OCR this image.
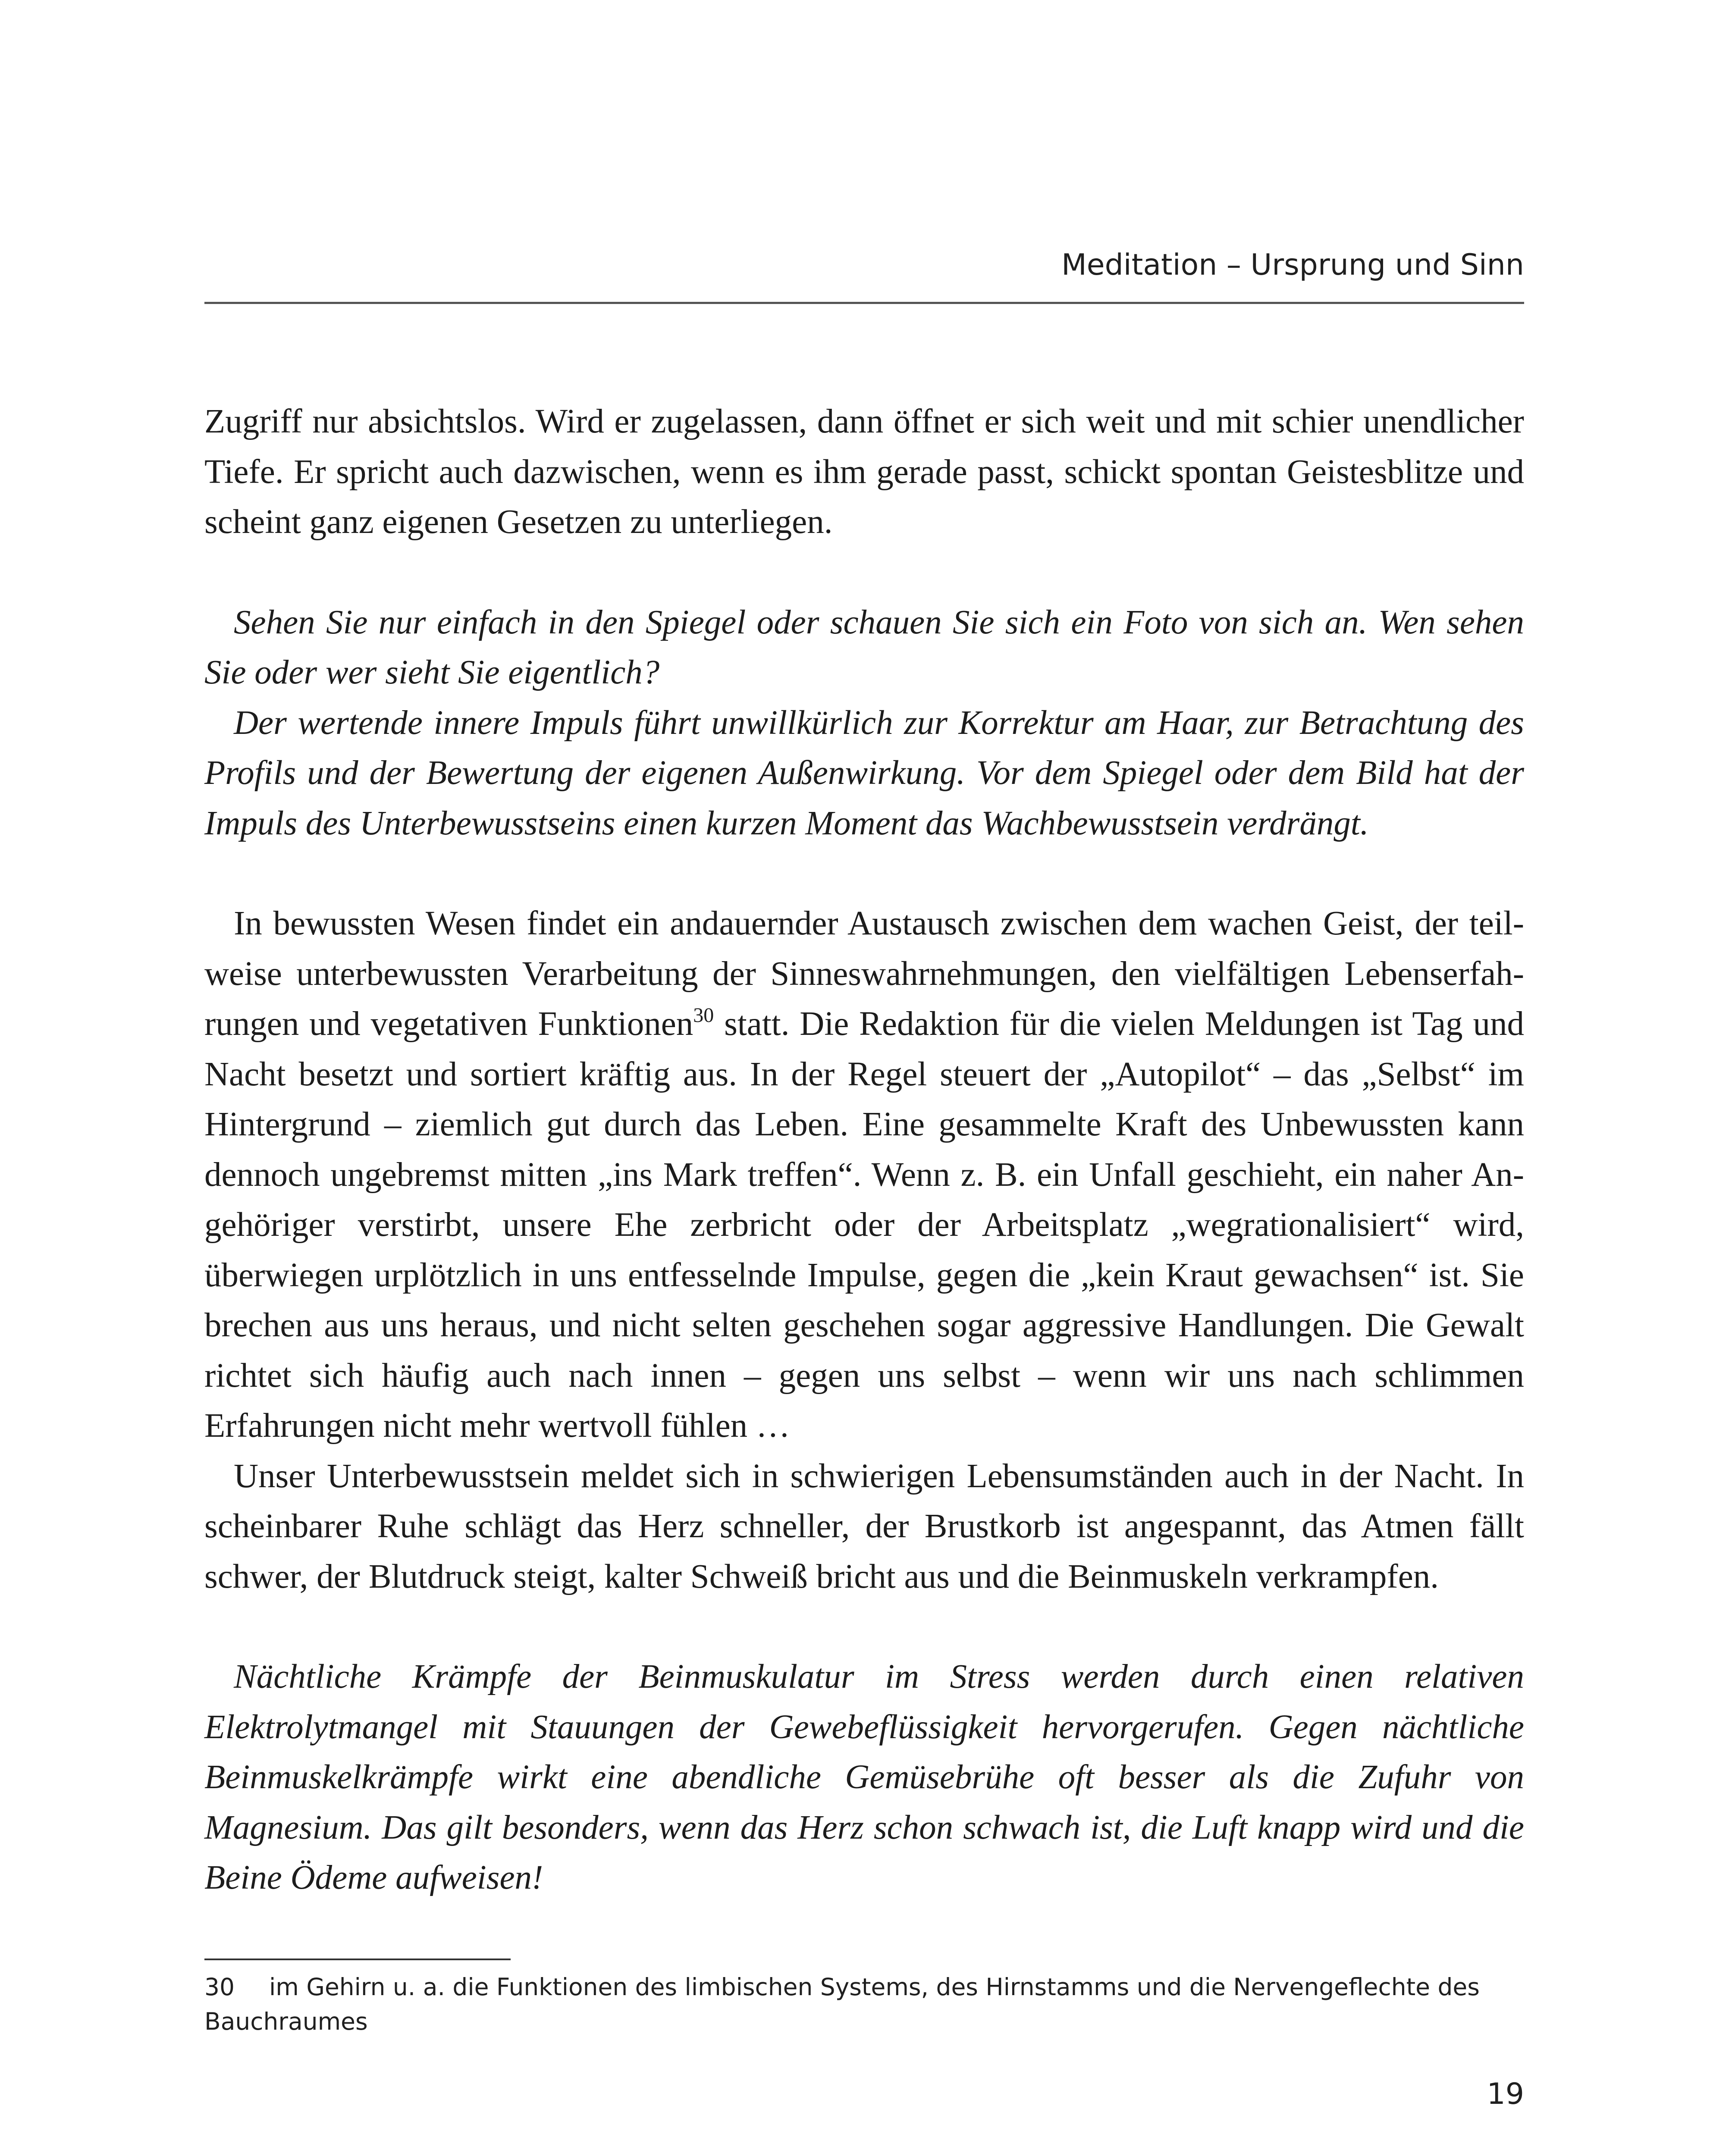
Meditation – Ursprung und Sinn

Zugriff nur absichtslos. Wird er zugelassen, dann öffnet er sich weit und mit schier unendlicher Tiefe. Er spricht auch dazwischen, wenn es ihm gerade passt, schickt spontan Geistesblitze und scheint ganz eigenen Gesetzen zu unterliegen.

Sehen Sie nur einfach in den Spiegel oder schauen Sie sich ein Foto von sich an. Wen sehen Sie oder wer sieht Sie eigentlich?

Der wertende innere Impuls führt unwillkürlich zur Korrektur am Haar, zur Betrachtung des Profils und der Bewertung der eigenen Außenwirkung. Vor dem Spiegel oder dem Bild hat der Impuls des Unterbewusstseins einen kurzen Moment das Wachbewusstsein verdrängt.

In bewussten Wesen findet ein andauernder Austausch zwischen dem wachen Geist, der teilweise unterbewussten Verarbeitung der Sinneswahrnehmungen, den vielfältigen Lebenserfahrungen und vegetativen Funktionen$^{30}$ statt. Die Redaktion für die vielen Meldungen ist Tag und Nacht besetzt und sortiert kräftig aus. In der Regel steuert der „Autopilot“ – das „Selbst“ im Hintergrund – ziemlich gut durch das Leben. Eine gesammelte Kraft des Unbewussten kann dennoch ungebremst mitten „ins Mark treffen“. Wenn z. B. ein Unfall geschieht, ein naher Angehöriger verstirbt, unsere Ehe zerbricht oder der Arbeitsplatz „wegrationalisiert“ wird, überwiegen urplötzlich in uns entfesselnde Impulse, gegen die „kein Kraut gewachsen“ ist. Sie brechen aus uns heraus, und nicht selten geschehen sogar aggressive Handlungen. Die Gewalt richtet sich häufig auch nach innen – gegen uns selbst – wenn wir uns nach schlimmen Erfahrungen nicht mehr wertvoll fühlen …

Unser Unterbewusstsein meldet sich in schwierigen Lebensumständen auch in der Nacht. In scheinbarer Ruhe schlägt das Herz schneller, der Brustkorb ist angespannt, das Atmen fällt schwer, der Blutdruck steigt, kalter Schweiß bricht aus und die Beinmuskeln verkrampfen.

Nächtliche Krämpfe der Beinmuskulatur im Stress werden durch einen relativen Elektrolytmangel mit Stauungen der Gewebeflüssigkeit hervorgerufen. Gegen nächtliche Beinmuskelkrämpfe wirkt eine abendliche Gemüsebrühe oft besser als die Zufuhr von Magnesium. Das gilt besonders, wenn das Herz schon schwach ist, die Luft knapp wird und die Beine Ödeme aufweisen!

30 im Gehirn u. a. die Funktionen des limbischen Systems, des Hirnstamms und die Nervengeflechte des Bauchraumes
19
